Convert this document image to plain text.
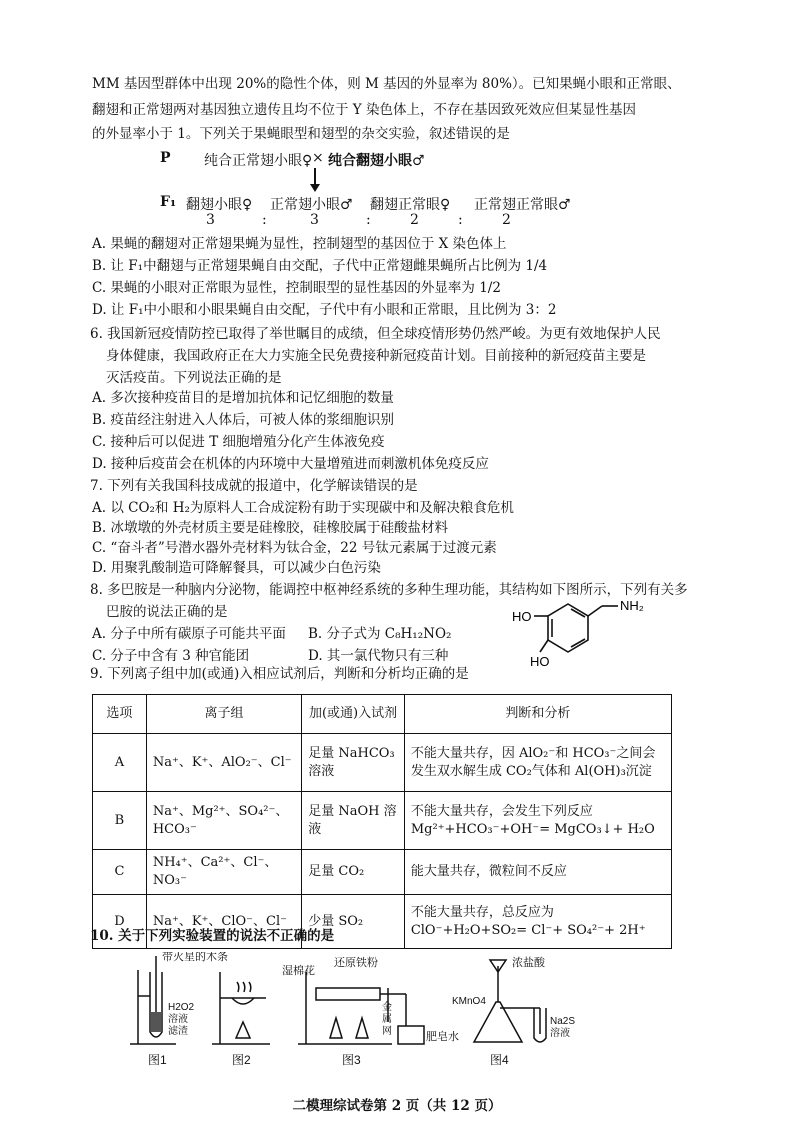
MM 基因型群体中出现 20%的隐性个体，则 M 基因的外显率为 80%）。已知果蝇小眼和正常眼、
翻翅和正常翅两对基因独立遗传且均不位于 Y 染色体上，不存在基因致死效应但某显性基因
的外显率小于 1。下列关于果蝇眼型和翅型的杂交实验，叙述错误的是
P 纯合正常翅小眼♀ × 纯合翻翅小眼♂
F₁ 翻翅小眼♀ 正常翅小眼♂ 翻翅正常眼♀ 正常翅正常眼♂
3	:	3	:	2	:	2
A. 果蝇的翻翅对正常翅果蝇为显性，控制翅型的基因位于 X 染色体上
B. 让 F₁中翻翅与正常翅果蝇自由交配，子代中正常翅雌果蝇所占比例为 1/4
C. 果蝇的小眼对正常眼为显性，控制眼型的显性基因的外显率为 1/2
D. 让 F₁中小眼和小眼果蝇自由交配，子代中有小眼和正常眼，且比例为 3：2
6. 我国新冠疫情防控已取得了举世瞩目的成绩，但全球疫情形势仍然严峻。为更有效地保护人民
身体健康，我国政府正在大力实施全民免费接种新冠疫苗计划。目前接种的新冠疫苗主要是
灭活疫苗。下列说法正确的是
A. 多次接种疫苗目的是增加抗体和记忆细胞的数量
B. 疫苗经注射进入人体后，可被人体的浆细胞识别
C. 接种后可以促进 T 细胞增殖分化产生体液免疫
D. 接种后疫苗会在机体的内环境中大量增殖进而刺激机体免疫反应
7. 下列有关我国科技成就的报道中，化学解读错误的是
A. 以 CO₂和 H₂为原料人工合成淀粉有助于实现碳中和及解决粮食危机
B. 冰墩墩的外壳材质主要是硅橡胶，硅橡胶属于硅酸盐材料
C. “奋斗者”号潜水器外壳材料为钛合金，22 号钛元素属于过渡元素
D. 用聚乳酸制造可降解餐具，可以减少白色污染
8. 多巴胺是一种脑内分泌物，能调控中枢神经系统的多种生理功能，其结构如下图所示，下列有关多
巴胺的说法正确的是
A. 分子中所有碳原子可能共平面 B. 分子式为 C₈H₁₂NO₂
C. 分子中含有 3 种官能团	D. 其一氯代物只有三种
NH₂
HO
HO
9. 下列离子组中加(或通)入相应试剂后，判断和分析均正确的是
选项	离子组	加(或通)入试剂	判断和分析
A	Na⁺、K⁺、AlO₂⁻、Cl⁻	足量 NaHCO₃溶液	不能大量共存，因 AlO₂⁻和 HCO₃⁻之间会
发生双水解生成 CO₂气体和 Al(OH)₃沉淀

B	Na⁺、Mg²⁺、SO₄²⁻、HCO₃⁻	足量 NaOH 溶液	不能大量共存，会发生下列反应
Mg²⁺+HCO₃⁻+OH⁻= MgCO₃↓+ H₂O

C	NH₄⁺、Ca²⁺、Cl⁻、NO₃⁻	足量 CO₂	能大量共存，微粒间不反应

D	Na⁺、K⁺、ClO⁻、Cl⁻	少量 SO₂	不能大量共存，总反应为
ClO⁻+H₂O+SO₂= Cl⁻+ SO₄²⁻+ 2H⁺
10. 关于下列实验装置的说法不正确的是
带火星的木条
H2O2
溶液
滤渣
湿棉花
还原铁粉
金
属
网	肥皂水
浓盐酸
KMnO4
Na2S
溶液
图1	图2	图3	图4
二模理综试卷第 2 页（共 12 页）
